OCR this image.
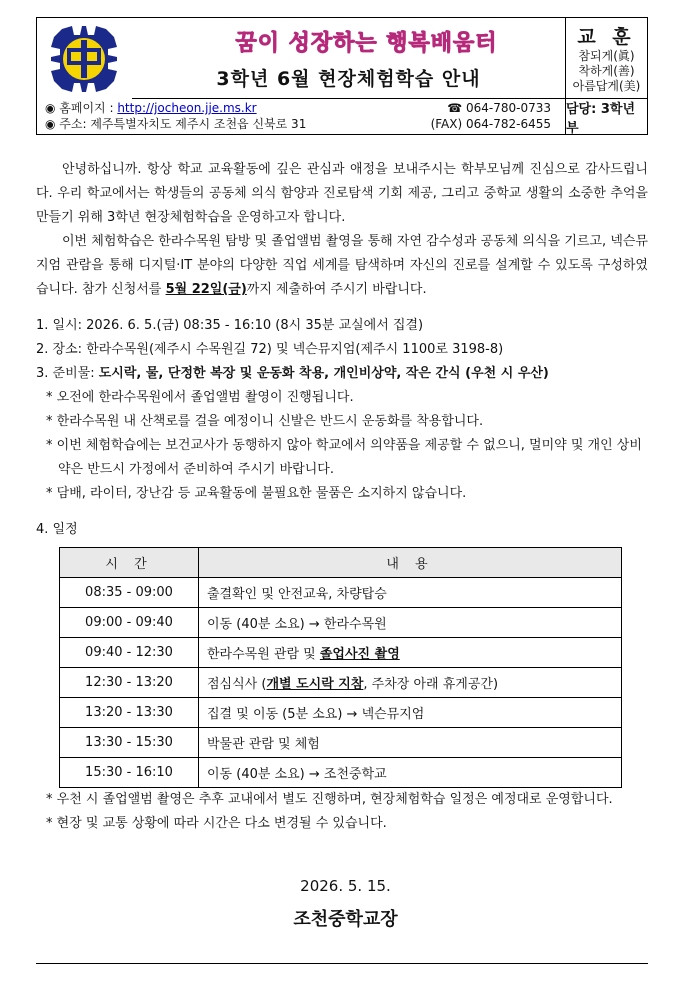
꿈이 성장하는 행복배움터
3학년 6월 현장체험학습 안내
교 훈
참되게(眞)
착하게(善)
아름답게(美)
◉ 홈페이지 : http://jocheon.jje.ms.kr	☎ 064-780-0733
◉ 주소: 제주특별자치도 제주시 조천읍 신북로 31	(FAX) 064-782-6455
담당: 3학년부
안녕하십니까. 항상 학교 교육활동에 깊은 관심과 애정을 보내주시는 학부모님께 진심으로 감사드립니다. 우리 학교에서는 학생들의 공동체 의식 함양과 진로탐색 기회 제공, 그리고 중학교 생활의 소중한 추억을 만들기 위해 3학년 현장체험학습을 운영하고자 합니다.
이번 체험학습은 한라수목원 탐방 및 졸업앨범 촬영을 통해 자연 감수성과 공동체 의식을 기르고, 넥슨뮤지엄 관람을 통해 디지털·IT 분야의 다양한 직업 세계를 탐색하며 자신의 진로를 설계할 수 있도록 구성하였습니다. 참가 신청서를 5월 22일(금)까지 제출하여 주시기 바랍니다.
1. 일시: 2026. 6. 5.(금) 08:35 - 16:10 (8시 35분 교실에서 집결)
2. 장소: 한라수목원(제주시 수목원길 72) 및 넥슨뮤지엄(제주시 1100로 3198-8)
3. 준비물: 도시락, 물, 단정한 복장 및 운동화 착용, 개인비상약, 작은 간식 (우천 시 우산)
* 오전에 한라수목원에서 졸업앨범 촬영이 진행됩니다.
* 한라수목원 내 산책로를 걸을 예정이니 신발은 반드시 운동화를 착용합니다.
* 이번 체험학습에는 보건교사가 동행하지 않아 학교에서 의약품을 제공할 수 없으니, 멀미약 및 개인 상비약은 반드시 가정에서 준비하여 주시기 바랍니다.
* 담배, 라이터, 장난감 등 교육활동에 불필요한 물품은 소지하지 않습니다.
4. 일정
시 간	내 용
08:35 - 09:00	출결확인 및 안전교육, 차량탑승
09:00 - 09:40	이동 (40분 소요) → 한라수목원
09:40 - 12:30	한라수목원 관람 및 졸업사진 촬영
12:30 - 13:20	점심식사 (개별 도시락 지참, 주차장 아래 휴게공간)
13:20 - 13:30	집결 및 이동 (5분 소요) → 넥슨뮤지엄
13:30 - 15:30	박물관 관람 및 체험
15:30 - 16:10	이동 (40분 소요) → 조천중학교
* 우천 시 졸업앨범 촬영은 추후 교내에서 별도 진행하며, 현장체험학습 일정은 예정대로 운영합니다.
* 현장 및 교통 상황에 따라 시간은 다소 변경될 수 있습니다.
2026. 5. 15.
조천중학교장
